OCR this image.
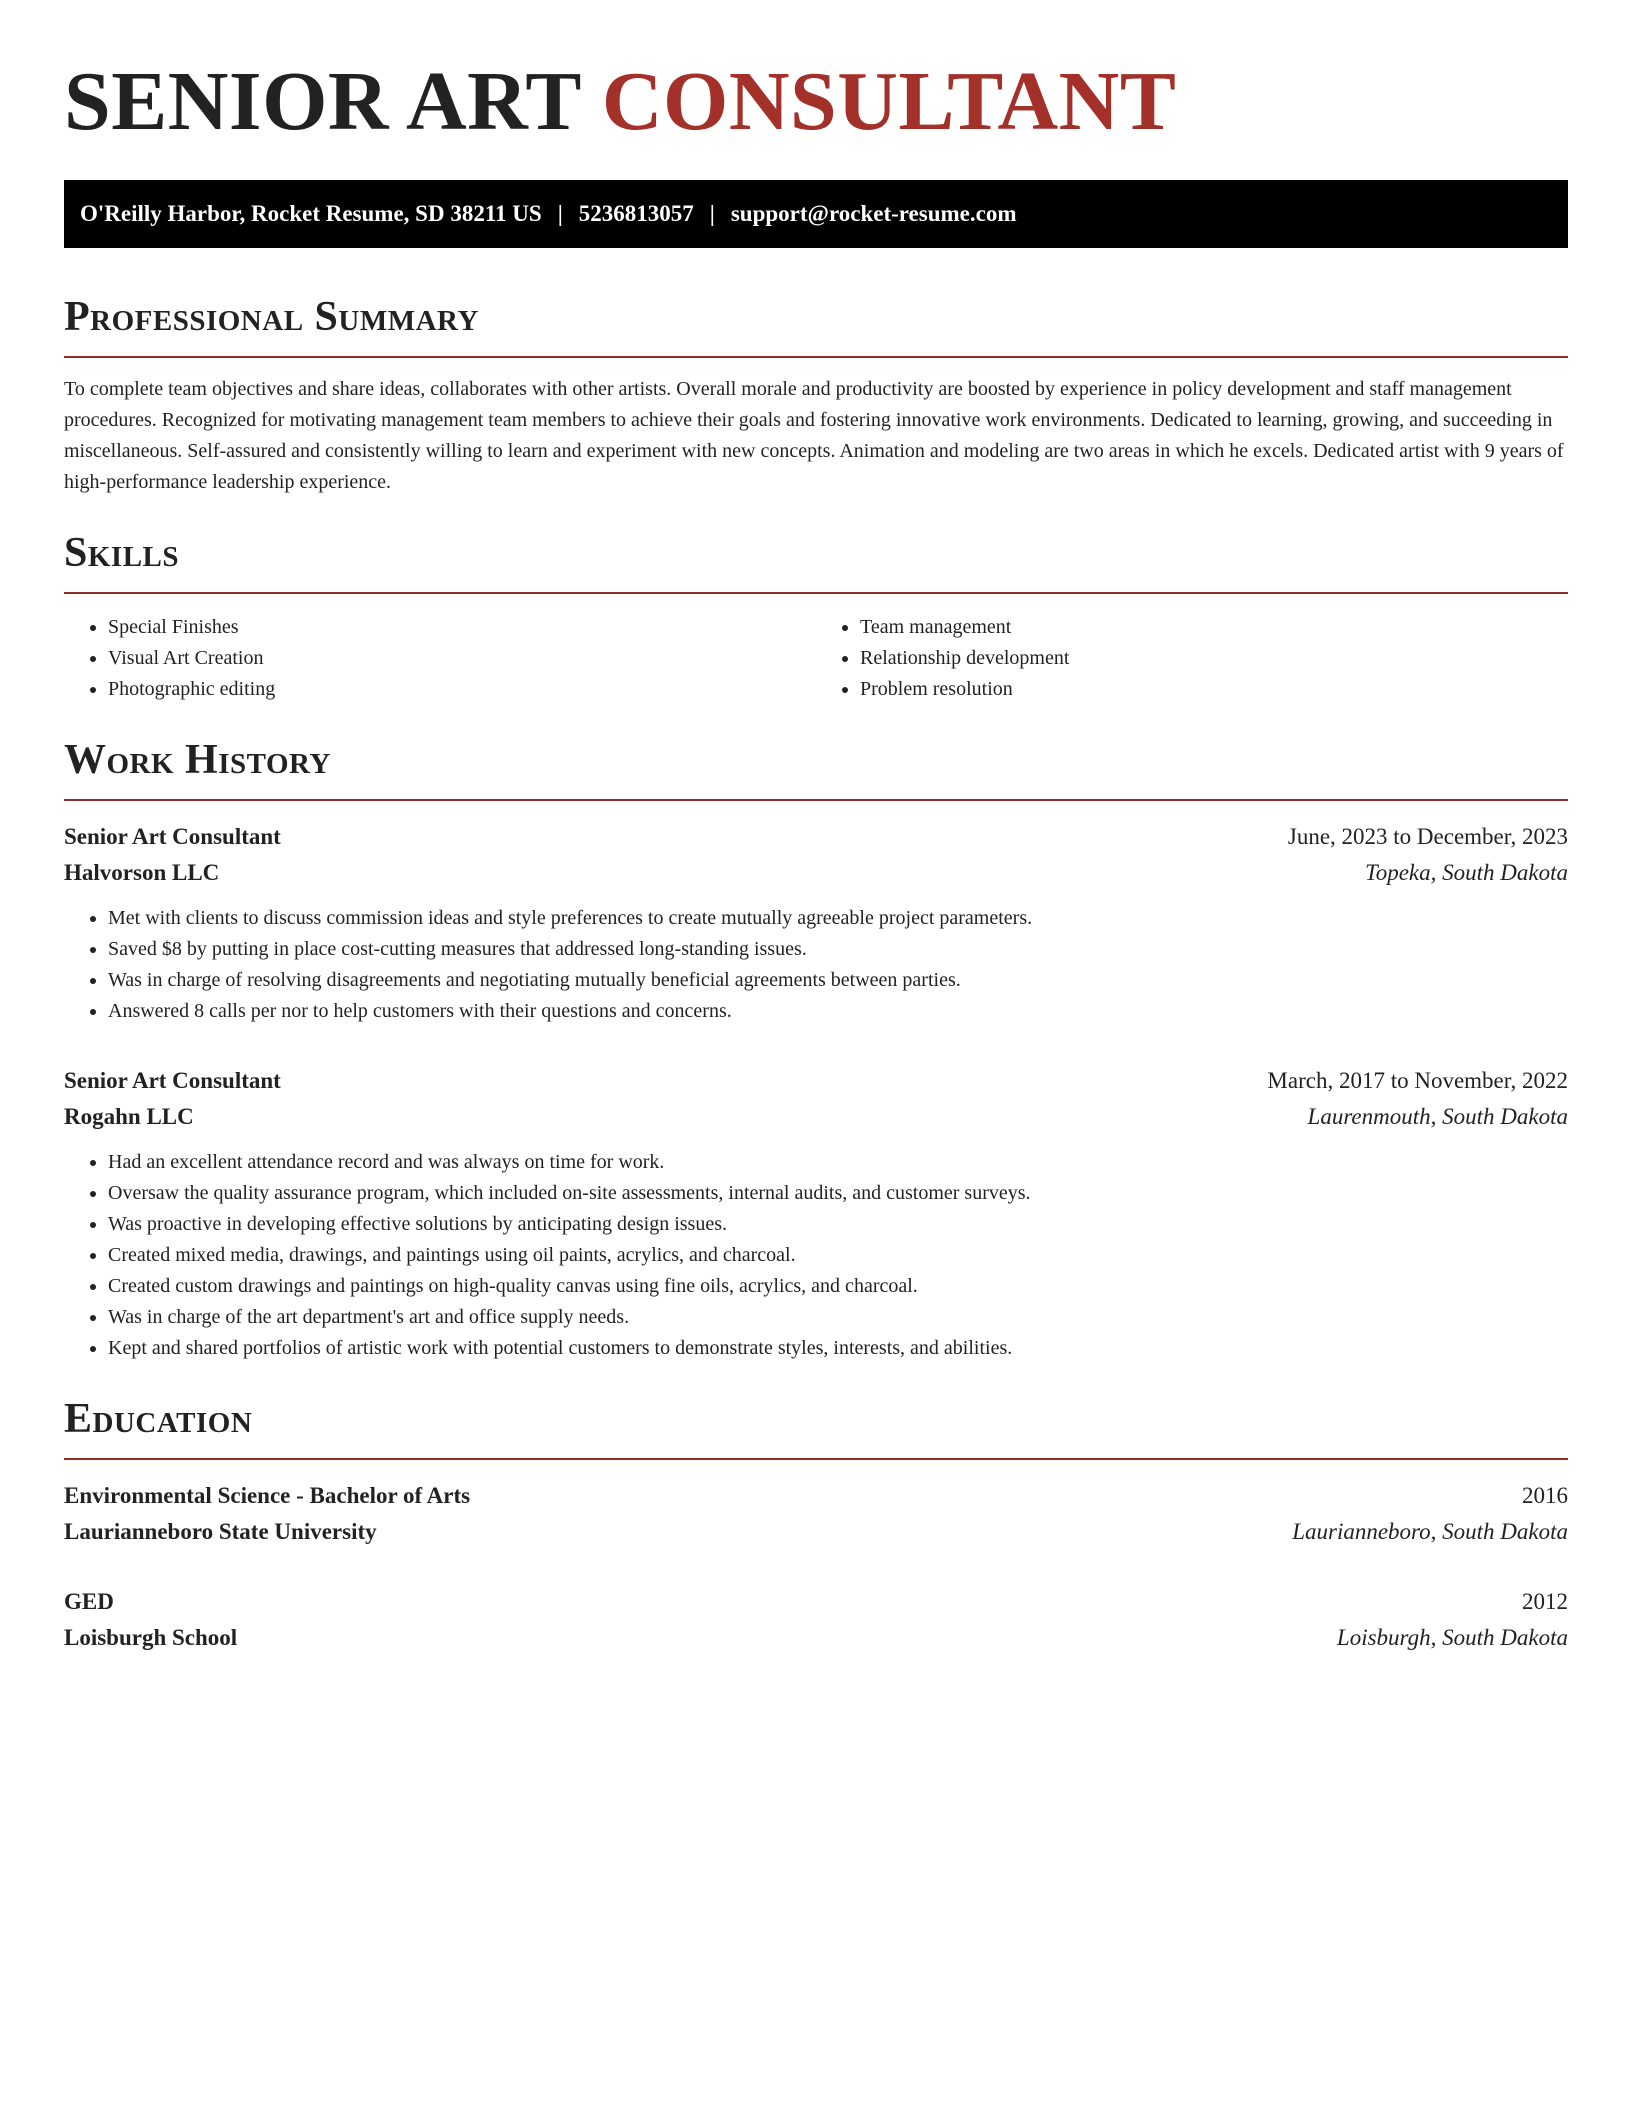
SENIOR ART CONSULTANT
O'Reilly Harbor, Rocket Resume, SD 38211 US | 5236813057 | support@rocket-resume.com
Professional Summary

To complete team objectives and share ideas, collaborates with other artists. Overall morale and productivity are boosted by experience in policy development and staff management procedures. Recognized for motivating management team members to achieve their goals and fostering innovative work environments. Dedicated to learning, growing, and succeeding in miscellaneous. Self-assured and consistently willing to learn and experiment with new concepts. Animation and modeling are two areas in which he excels. Dedicated artist with 9 years of high-performance leadership experience.

Skills
• Special Finishes
• Visual Art Creation
• Photographic editing
• Team management
• Relationship development
• Problem resolution
Work History
Senior Art Consultant	June, 2023 to December, 2023
Halvorson LLC	Topeka, South Dakota
• Met with clients to discuss commission ideas and style preferences to create mutually agreeable project parameters.
• Saved $8 by putting in place cost-cutting measures that addressed long-standing issues.
• Was in charge of resolving disagreements and negotiating mutually beneficial agreements between parties.
• Answered 8 calls per nor to help customers with their questions and concerns.
Senior Art Consultant	March, 2017 to November, 2022
Rogahn LLC	Laurenmouth, South Dakota
• Had an excellent attendance record and was always on time for work.
• Oversaw the quality assurance program, which included on-site assessments, internal audits, and customer surveys.
• Was proactive in developing effective solutions by anticipating design issues.
• Created mixed media, drawings, and paintings using oil paints, acrylics, and charcoal.
• Created custom drawings and paintings on high-quality canvas using fine oils, acrylics, and charcoal.
• Was in charge of the art department's art and office supply needs.
• Kept and shared portfolios of artistic work with potential customers to demonstrate styles, interests, and abilities.
Education
Environmental Science - Bachelor of Arts	2016
Laurianneboro State University	Laurianneboro, South Dakota
GED	2012
Loisburgh School	Loisburgh, South Dakota
